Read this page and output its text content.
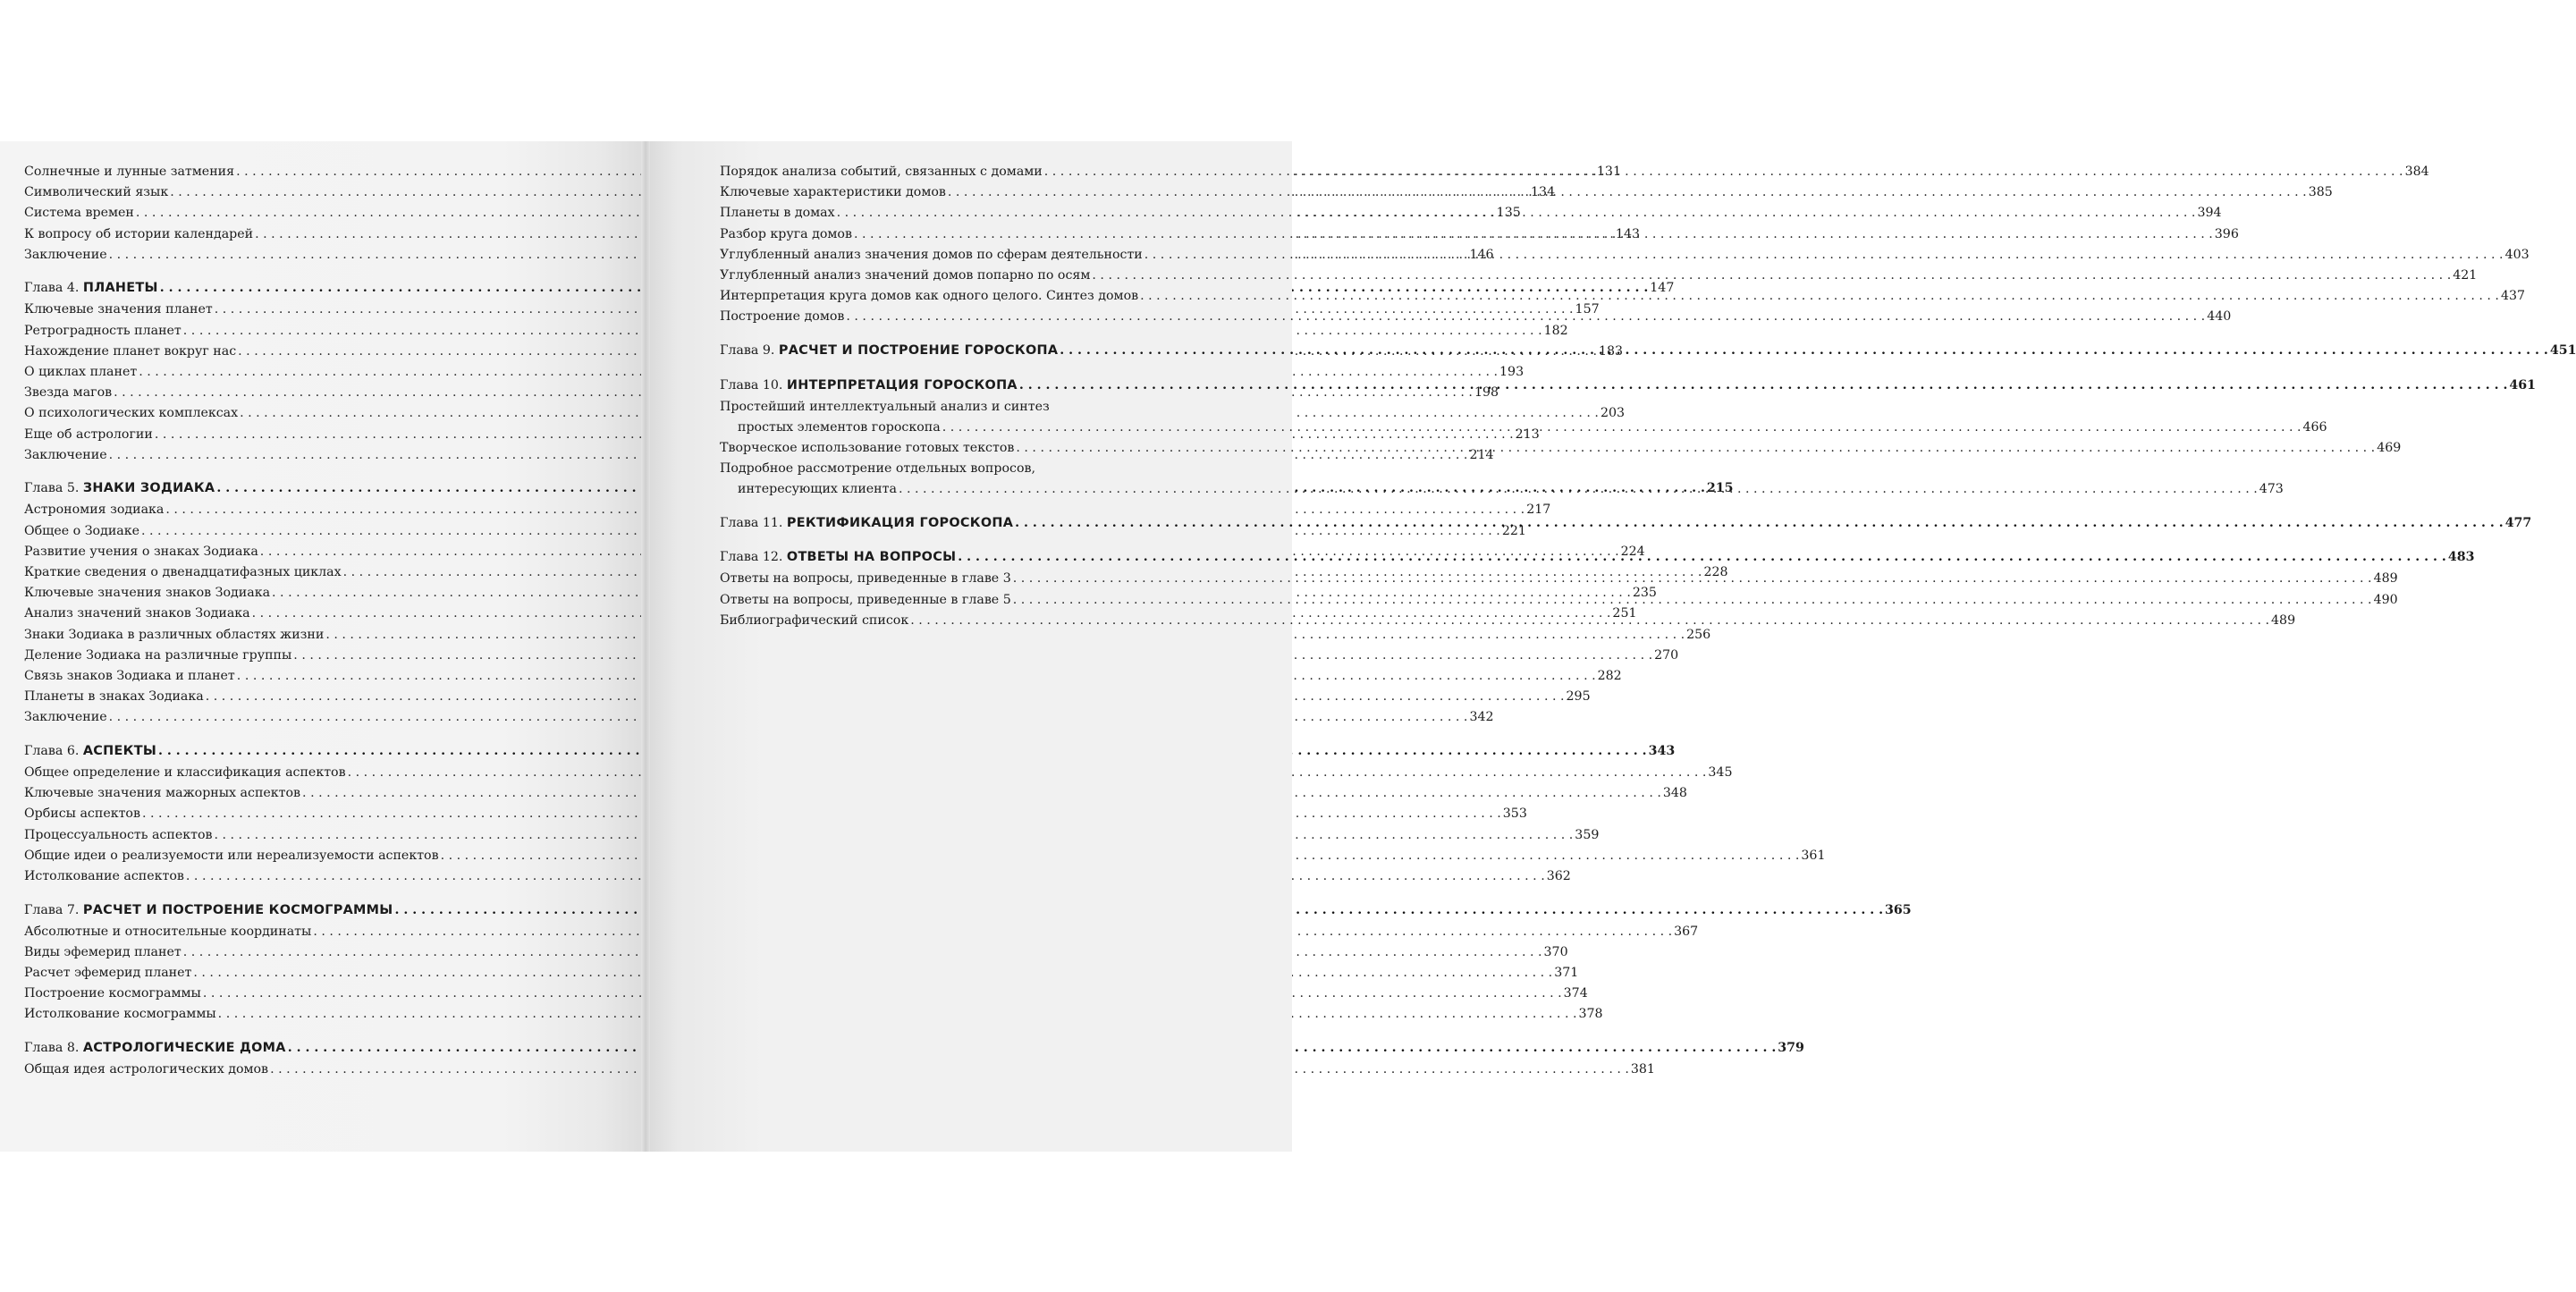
Солнечные и лунные затмения . . .	131
Символический язык . . .	134
Система времен . . .	135
К вопросу об истории календарей . . .	143
Заключение . . .	146
Глава 4. ПЛАНЕТЫ . . .	147
Ключевые значения планет . . .	157
Ретроградность планет . . .	182
Нахождение планет вокруг нас . . .	183
О циклах планет . . .	193
Звезда магов . . .	198
О психологических комплексах . . .	203
Еще об астрологии . . .	213
Заключение . . .	214
Глава 5. ЗНАКИ ЗОДИАКА . . .	215
Астрономия зодиака . . .	217
Общее о Зодиаке . . .	221
Развитие учения о знаках Зодиака . . .	224
Краткие сведения о двенадцатифазных циклах . . .	228
Ключевые значения знаков Зодиака . . .	235
Анализ значений знаков Зодиака . . .	251
Знаки Зодиака в различных областях жизни . . .	256
Деление Зодиака на различные группы . . .	270
Связь знаков Зодиака и планет . . .	282
Планеты в знаках Зодиака . . .	295
Заключение . . .	342
Глава 6. АСПЕКТЫ . . .	343
Общее определение и классификация аспектов . . .	345
Ключевые значения мажорных аспектов . . .	348
Орбисы аспектов . . .	353
Процессуальность аспектов . . .	359
Общие идеи о реализуемости или нереализуемости аспектов . . .	361
Истолкование аспектов . . .	362
Глава 7. РАСЧЕТ И ПОСТРОЕНИЕ КОСМОГРАММЫ . . .	365
Абсолютные и относительные координаты . . .	367
Виды эфемерид планет . . .	370
Расчет эфемерид планет . . .	371
Построение космограммы . . .	374
Истолкование космограммы . . .	378
Глава 8. АСТРОЛОГИЧЕСКИЕ ДОМА . . .	379
Общая идея астрологических домов . . .	381
Порядок анализа событий, связанных с домами . . .	384
Ключевые характеристики домов . . .	385
Планеты в домах . . .	394
Разбор круга домов . . .	396
Углубленный анализ значения домов по сферам деятельности . . .	403
Углубленный анализ значений домов попарно по осям . . .	421
Интерпретация круга домов как одного целого. Синтез домов . . .	437
Построение домов . . .	440
Глава 9. РАСЧЕТ И ПОСТРОЕНИЕ ГОРОСКОПА . . .	451
Глава 10. ИНТЕРПРЕТАЦИЯ ГОРОСКОПА . . .	461
Простейший интеллектуальный анализ и синтез
простых элементов гороскопа . . .	466
Творческое использование готовых текстов . . .	469
Подробное рассмотрение отдельных вопросов,
интересующих клиента . . .	473
Глава 11. РЕКТИФИКАЦИЯ ГОРОСКОПА . . .	477
Глава 12. ОТВЕТЫ НА ВОПРОСЫ . . .	483
Ответы на вопросы, приведенные в главе 3 . . .	489
Ответы на вопросы, приведенные в главе 5 . . .	490
Библиографический список . . .	489
